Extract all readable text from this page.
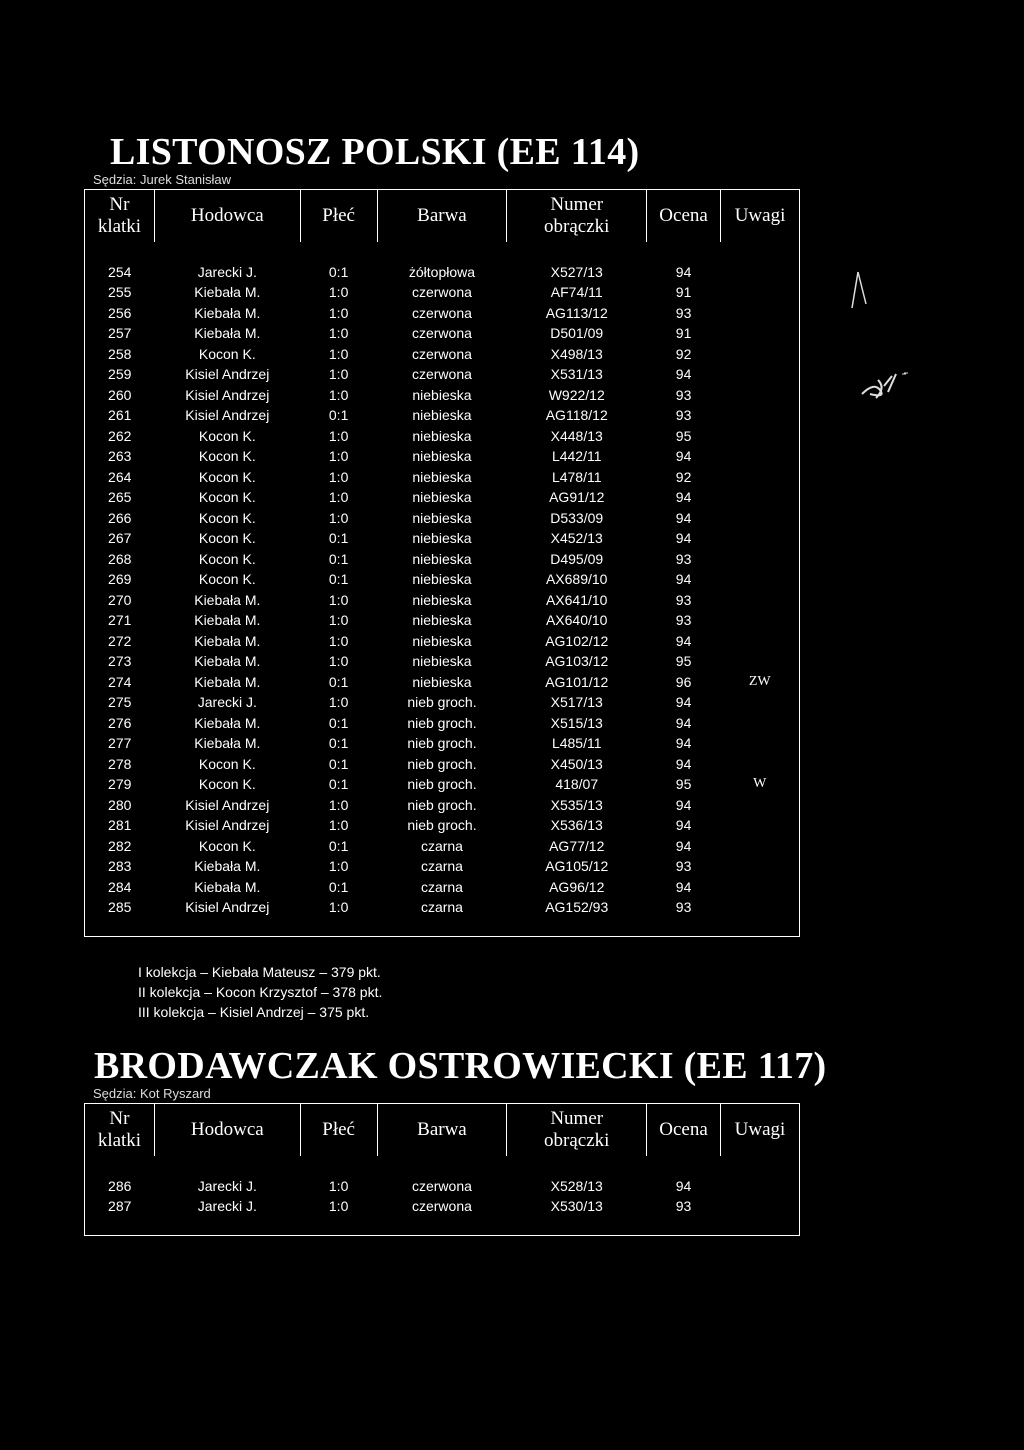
LISTONOSZ POLSKI (EE 114)
Sędzia: Jurek Stanisław
Nr
klatki	Hodowca	Płeć	Barwa	Numer
obrączki	Ocena	Uwagi

254	Jarecki J.	0:1	żółtopłowa	X527/13	94	
255	Kiebała M.	1:0	czerwona	AF74/11	91	
256	Kiebała M.	1:0	czerwona	AG113/12	93	
257	Kiebała M.	1:0	czerwona	D501/09	91	
258	Kocon K.	1:0	czerwona	X498/13	92	
259	Kisiel Andrzej	1:0	czerwona	X531/13	94	
260	Kisiel Andrzej	1:0	niebieska	W922/12	93	
261	Kisiel Andrzej	0:1	niebieska	AG118/12	93	
262	Kocon K.	1:0	niebieska	X448/13	95	
263	Kocon K.	1:0	niebieska	L442/11	94	
264	Kocon K.	1:0	niebieska	L478/11	92	
265	Kocon K.	1:0	niebieska	AG91/12	94	
266	Kocon K.	1:0	niebieska	D533/09	94	
267	Kocon K.	0:1	niebieska	X452/13	94	
268	Kocon K.	0:1	niebieska	D495/09	93	
269	Kocon K.	0:1	niebieska	AX689/10	94	
270	Kiebała M.	1:0	niebieska	AX641/10	93	
271	Kiebała M.	1:0	niebieska	AX640/10	93	
272	Kiebała M.	1:0	niebieska	AG102/12	94	
273	Kiebała M.	1:0	niebieska	AG103/12	95	
274	Kiebała M.	0:1	niebieska	AG101/12	96	ZW
275	Jarecki J.	1:0	nieb groch.	X517/13	94	
276	Kiebała M.	0:1	nieb groch.	X515/13	94	
277	Kiebała M.	0:1	nieb groch.	L485/11	94	
278	Kocon K.	0:1	nieb groch.	X450/13	94	
279	Kocon K.	0:1	nieb groch.	418/07	95	W
280	Kisiel Andrzej	1:0	nieb groch.	X535/13	94	
281	Kisiel Andrzej	1:0	nieb groch.	X536/13	94	
282	Kocon K.	0:1	czarna	AG77/12	94	
283	Kiebała M.	1:0	czarna	AG105/12	93	
284	Kiebała M.	0:1	czarna	AG96/12	94	
285	Kisiel Andrzej	1:0	czarna	AG152/93	93	

I kolekcja – Kiebała Mateusz – 379 pkt.
II kolekcja – Kocon Krzysztof – 378 pkt.
III kolekcja – Kisiel Andrzej – 375 pkt.
BRODAWCZAK OSTROWIECKI (EE 117)
Sędzia: Kot Ryszard
Nr
klatki	Hodowca	Płeć	Barwa	Numer
obrączki	Ocena	Uwagi

286	Jarecki J.	1:0	czerwona	X528/13	94	
287	Jarecki J.	1:0	czerwona	X530/13	93	
